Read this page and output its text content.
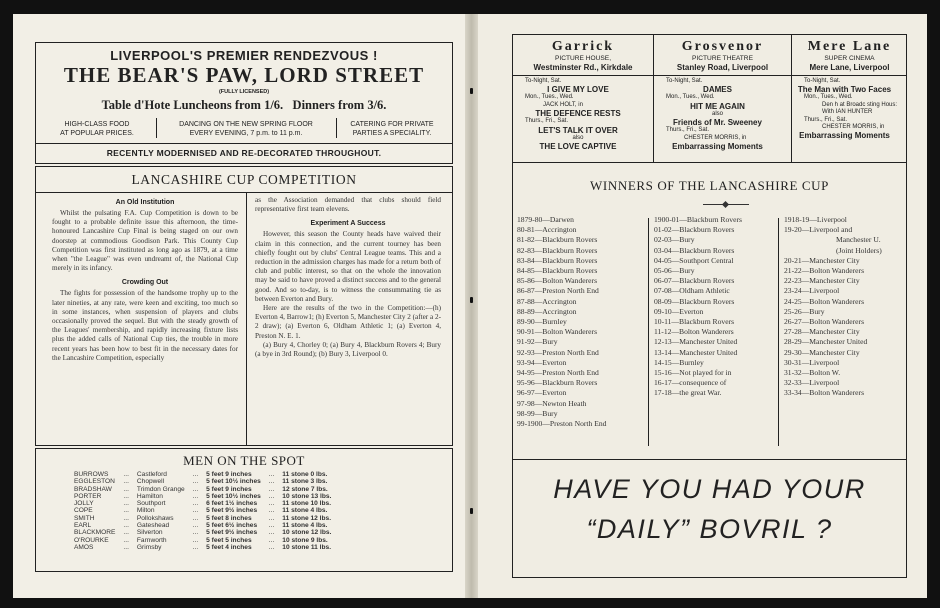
LIVERPOOL'S PREMIER RENDEZVOUS !
THE BEAR'S PAW, LORD STREET
(FULLY LICENSED)
Table d'Hote Luncheons from 1/6.   Dinners from 3/6.
HIGH-CLASS FOOD
AT POPULAR PRICES.
DANCING ON THE NEW SPRING FLOOR
EVERY EVENING, 7 p.m. to 11 p.m.
CATERING FOR PRIVATE
PARTIES A SPECIALITY.
RECENTLY MODERNISED AND RE-DECORATED THROUGHOUT.
LANCASHIRE CUP COMPETITION
An Old Institution

Whilst the pulsating F.A. Cup Competition is down to be fought to a probable definite issue this afternoon, the time-honoured Lancashire Cup Final is being staged on our own doorstep at commodious Goodison Park. This County Cup Competition was first instituted as long ago as 1879, at a time when "the League" was even undreamt of, the National Cup merely in its infancy.

Crowding Out

The fights for possession of the handsome trophy up to the later nineties, at any rate, were keen and exciting, too much so in some instances, when suspension of players and clubs occasionally proved the sequel. But with the steady growth of the Leagues' membership, and rapidly increasing fixture lists plus the added calls of National Cup ties, the trouble in more recent years has been how to best fit in the necessary dates for the Lancashire Competition, especially

as the Association demanded that clubs should field representative first team elevens.

Experiment A Success

However, this season the County heads have waived their claim in this connection, and the current tourney has been chiefly fought out by clubs' Central League teams. This and a reduction in the admission charges has made for a return both of club and public interest, so that on the whole the innovation may be said to have proved a distinct success and to the general good. And so to-day, is to witness the consummating tie as between Everton and Bury.

Here are the results of the two in the Competition:—(h) Everton 4, Barrow1; (h) Everton 5, Manchester City 2 (after a 2-2 draw); (a) Everton 6, Oldham Athletic 1; (a) Everton 4, Preston N. E. 1.

(a) Bury 4, Chorley 0; (a) Bury 4, Blackburn Rovers 4; Bury (a bye in 3rd Round); (b) Bury 3, Liverpool 0.

MEN ON THE SPOT
BURROWS	...	Castleford	...	5 feet 9 inches	...	11 stone 0 lbs.
EGGLESTON	...	Chopwell	...	5 feet 10½ inches	...	11 stone 3 lbs.
BRADSHAW	...	Trimdon Grange	...	5 feet 9 inches	...	12 stone 7 lbs.
PORTER	...	Hamilton	...	5 feet 10½ inches	...	10 stone 13 lbs.
JOLLY	...	Southport	...	6 feet 1½ inches	...	11 stone 10 lbs.
COPE	...	Milton	...	5 feet 9½ inches	...	11 stone 4 lbs.
SMITH	...	Pollokshaws	...	5 feet 8 inches	...	11 stone 12 lbs.
EARL	...	Gateshead	...	5 feet 6½ inches	...	11 stone 4 lbs.
BLACKMORE	...	Silverton	...	5 feet 9½ inches	...	10 stone 12 lbs.
O'ROURKE	...	Farnworth	...	5 feet 5 inches	...	10 stone 9 lbs.
AMOS	...	Grimsby	...	5 feet 4 inches	...	10 stone 11 lbs.
Garrick
PICTURE HOUSE,
Westminster Rd., Kirkdale
To-Night, Sat.
I GIVE MY LOVE
Mon., Tues., Wed.
JACK HOLT, in
THE DEFENCE RESTS
Thurs., Fri., Sat.
LET'S TALK IT OVER
also
THE LOVE CAPTIVE
Grosvenor
PICTURE THEATRE
Stanley Road, Liverpool
To-Night, Sat.
DAMES
Mon., Tues., Wed.
HIT ME AGAIN
also
Friends of Mr. Sweeney
Thurs., Fri., Sat.
CHESTER MORRIS, in
Embarrassing Moments
Mere Lane
SUPER CINEMA
Mere Lane, Liverpool
To-Night, Sat.
The Man with Two Faces
Mon., Tues., Wed.
Den h at Broadc sting Hous:
With IAN HUNTER
Thurs., Fri., Sat.
CHESTER MORRIS, in
Embarrassing Moments
WINNERS OF THE LANCASHIRE CUP
1879-80—Darwen
80-81—Accrington
81-82—Blackburn Rovers
82-83—Blackburn Rovers
83-84—Blackburn Rovers
84-85—Blackburn Rovers
85-86—Bolton Wanderers
86-87—Preston North End
87-88—Accrington
88-89—Accrington
89-90—Burnley
90-91—Bolton Wanderers
91-92—Bury
92-93—Preston North End
93-94—Everton
94-95—Preston North End
95-96—Blackburn Rovers
96-97—Everton
97-98—Newton Heath
98-99—Bury
99-1900—Preston North End
1900-01—Blackburn Rovers
01-02—Blackburn Rovers
02-03—Bury
03-04—Blackburn Rovers
04-05—Southport Central
05-06—Bury
06-07—Blackburn Rovers
07-08—Oldham Athletic
08-09—Blackburn Rovers
09-10—Everton
10-11—Blackburn Rovers
11-12—Bolton Wanderers
12-13—Manchester United
13-14—Manchester United
14-15—Burnley
15-16—Not played for in
16-17—consequence of
17-18—the great War.
1918-19—Liverpool
19-20—Liverpool and
Manchester U.
(Joint Holders)
20-21—Manchester City
21-22—Bolton Wanderers
22-23—Manchester City
23-24—Liverpool
24-25—Bolton Wanderers
25-26—Bury
26-27—Bolton Wanderers
27-28—Manchester City
28-29—Manchester United
29-30—Manchester City
30-31—Liverpool
31-32—Bolton W.
32-33—Liverpool
33-34—Bolton Wanderers
HAVE YOU HAD YOUR
“DAILY” BOVRIL ?
